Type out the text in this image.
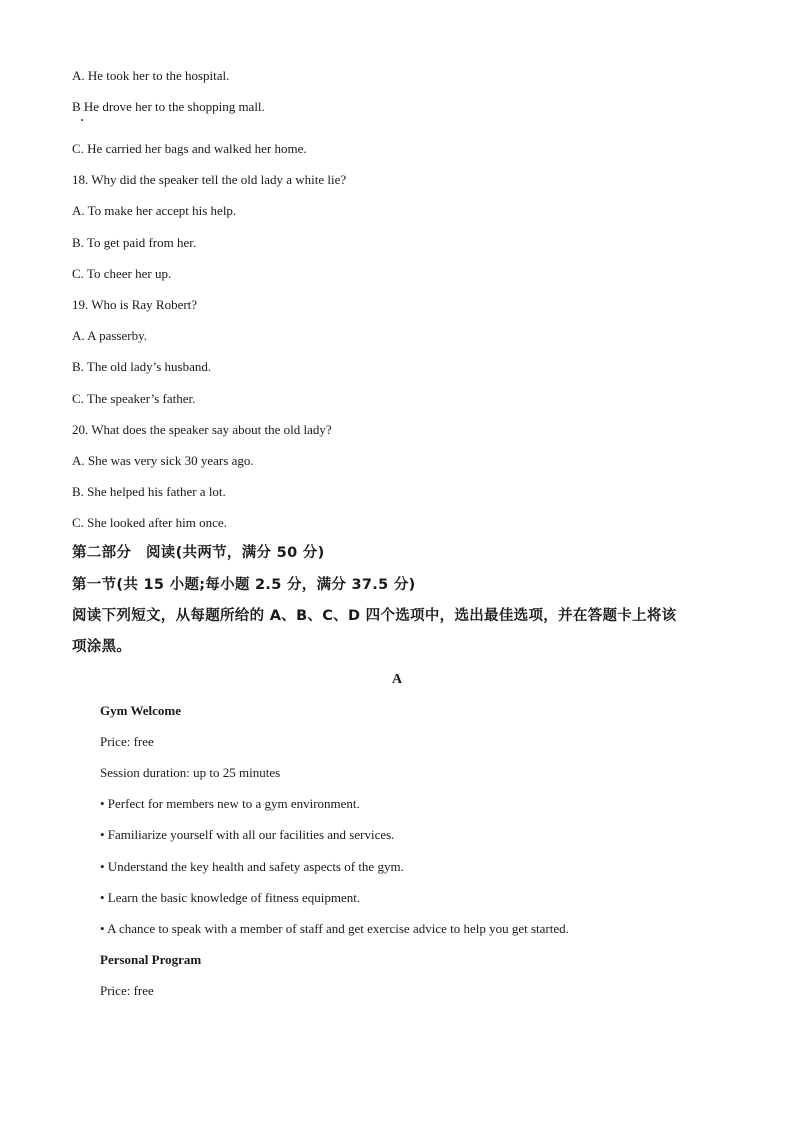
A. He took her to the hospital.
B He drove her to the shopping mall.
C. He carried her bags and walked her home.
18. Why did the speaker tell the old lady a white lie?
A. To make her accept his help.
B. To get paid from her.
C. To cheer her up.
19. Who is Ray Robert?
A. A passerby.
B. The old lady’s husband.
C. The speaker’s father.
20. What does the speaker say about the old lady?
A. She was very sick 30 years ago.
B. She helped his father a lot.
C. She looked after him once.
第二部分　阅读(共两节，满分 50 分)
第一节(共 15 小题;每小题 2.5 分，满分 37.5 分)
阅读下列短文，从每题所给的 A、B、C、D 四个选项中，选出最佳选项，并在答题卡上将该
项涂黑。
A
Gym Welcome
Price: free
Session duration: up to 25 minutes
• Perfect for members new to a gym environment.
• Familiarize yourself with all our facilities and services.
• Understand the key health and safety aspects of the gym.
• Learn the basic knowledge of fitness equipment.
• A chance to speak with a member of staff and get exercise advice to help you get started.
Personal Program
Price: free
